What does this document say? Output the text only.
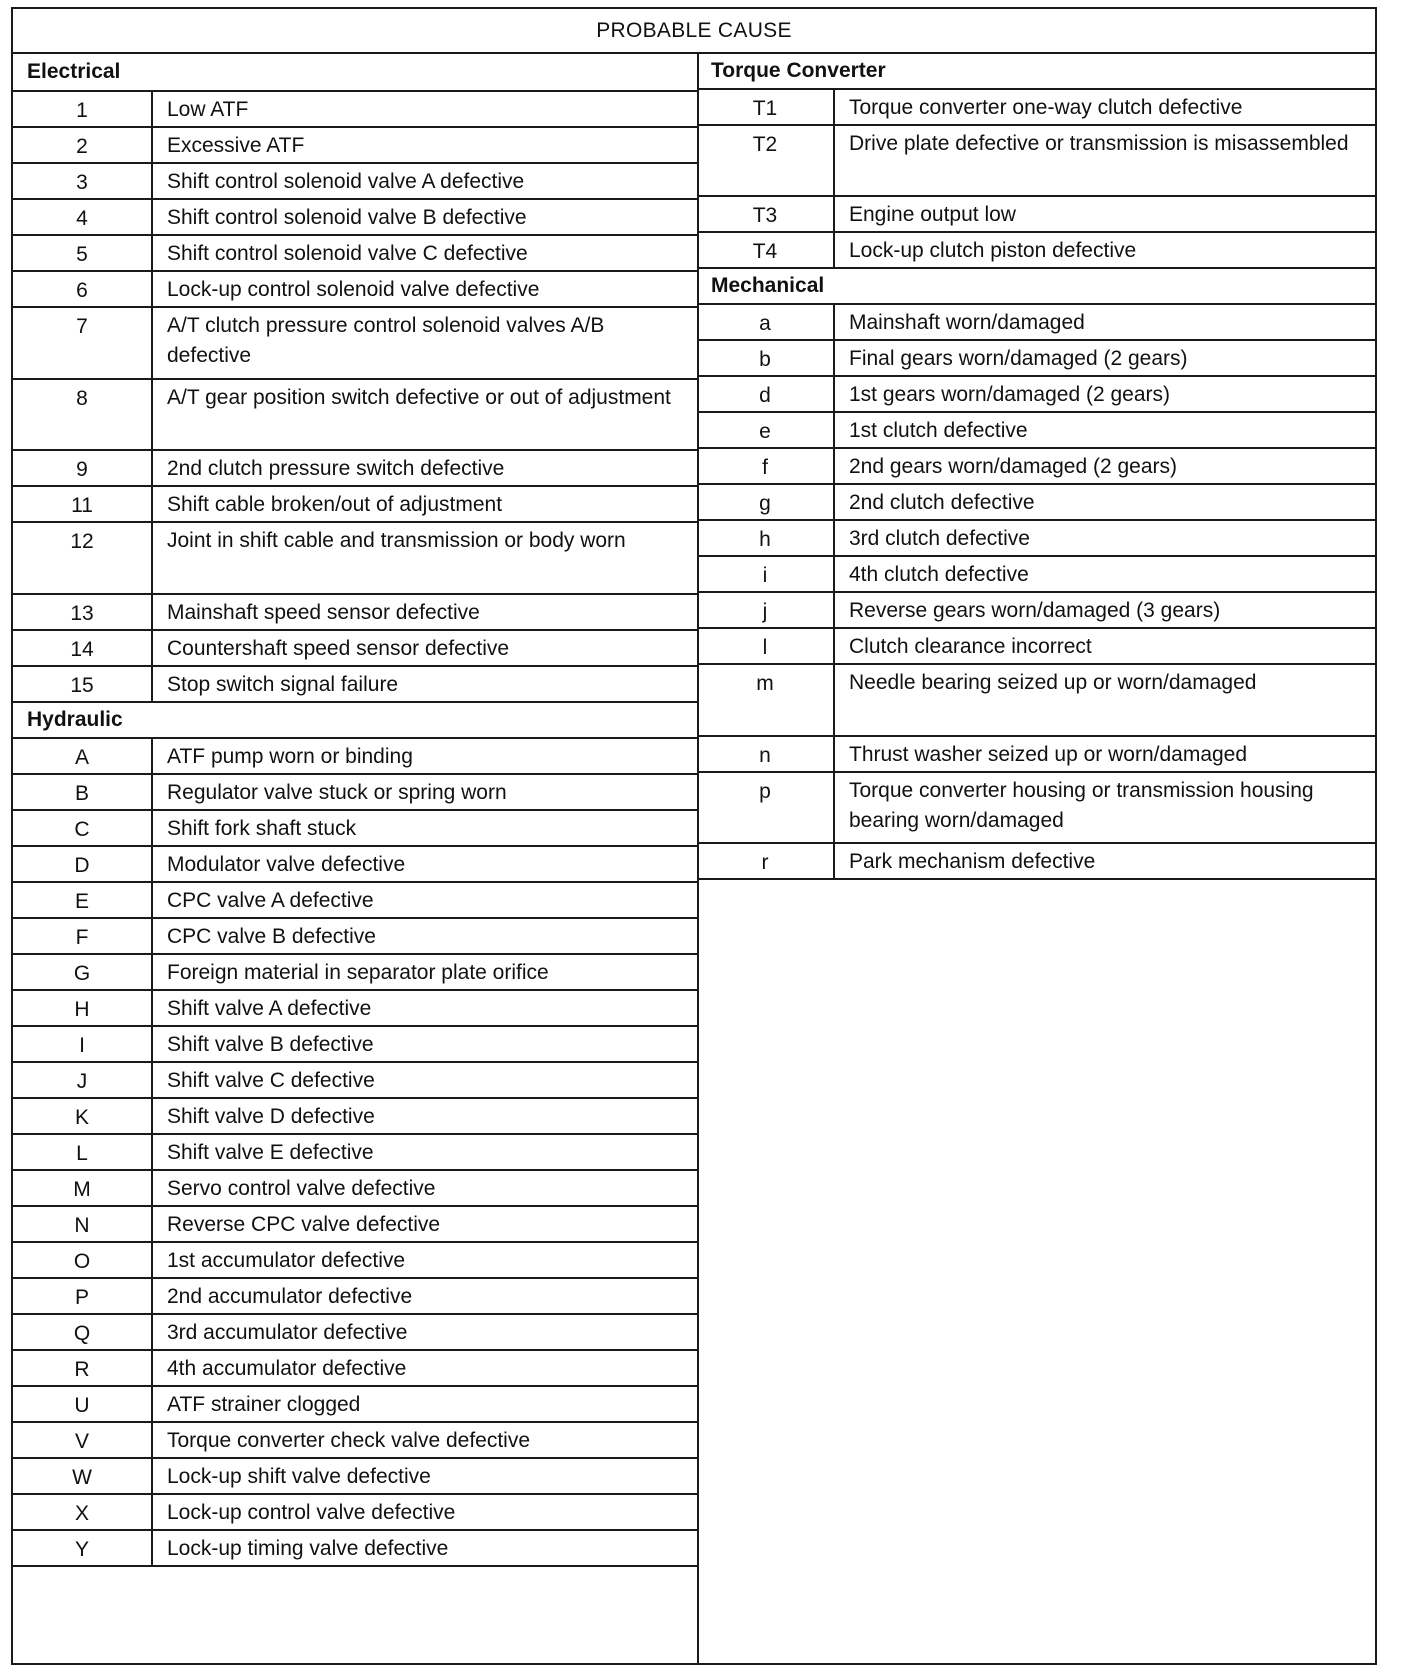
PROBABLE CAUSE
Electrical
1	Low ATF
2	Excessive ATF
3	Shift control solenoid valve A defective
4	Shift control solenoid valve B defective
5	Shift control solenoid valve C defective
6	Lock-up control solenoid valve defective
7	A/T clutch pressure control solenoid valves A/B defective
8	A/T gear position switch defective or out of adjustment
9	2nd clutch pressure switch defective
11	Shift cable broken/out of adjustment
12	Joint in shift cable and transmission or body worn
13	Mainshaft speed sensor defective
14	Countershaft speed sensor defective
15	Stop switch signal failure
Hydraulic
A	ATF pump worn or binding
B	Regulator valve stuck or spring worn
C	Shift fork shaft stuck
D	Modulator valve defective
E	CPC valve A defective
F	CPC valve B defective
G	Foreign material in separator plate orifice
H	Shift valve A defective
I	Shift valve B defective
J	Shift valve C defective
K	Shift valve D defective
L	Shift valve E defective
M	Servo control valve defective
N	Reverse CPC valve defective
O	1st accumulator defective
P	2nd accumulator defective
Q	3rd accumulator defective
R	4th accumulator defective
U	ATF strainer clogged
V	Torque converter check valve defective
W	Lock-up shift valve defective
X	Lock-up control valve defective
Y	Lock-up timing valve defective
Torque Converter
T1	Torque converter one-way clutch defective
T2	Drive plate defective or transmission is misassembled
T3	Engine output low
T4	Lock-up clutch piston defective
Mechanical
a	Mainshaft worn/damaged
b	Final gears worn/damaged (2 gears)
d	1st gears worn/damaged (2 gears)
e	1st clutch defective
f	2nd gears worn/damaged (2 gears)
g	2nd clutch defective
h	3rd clutch defective
i	4th clutch defective
j	Reverse gears worn/damaged (3 gears)
l	Clutch clearance incorrect
m	Needle bearing seized up or worn/damaged
n	Thrust washer seized up or worn/damaged
p	Torque converter housing or transmission housing bearing worn/damaged
r	Park mechanism defective
